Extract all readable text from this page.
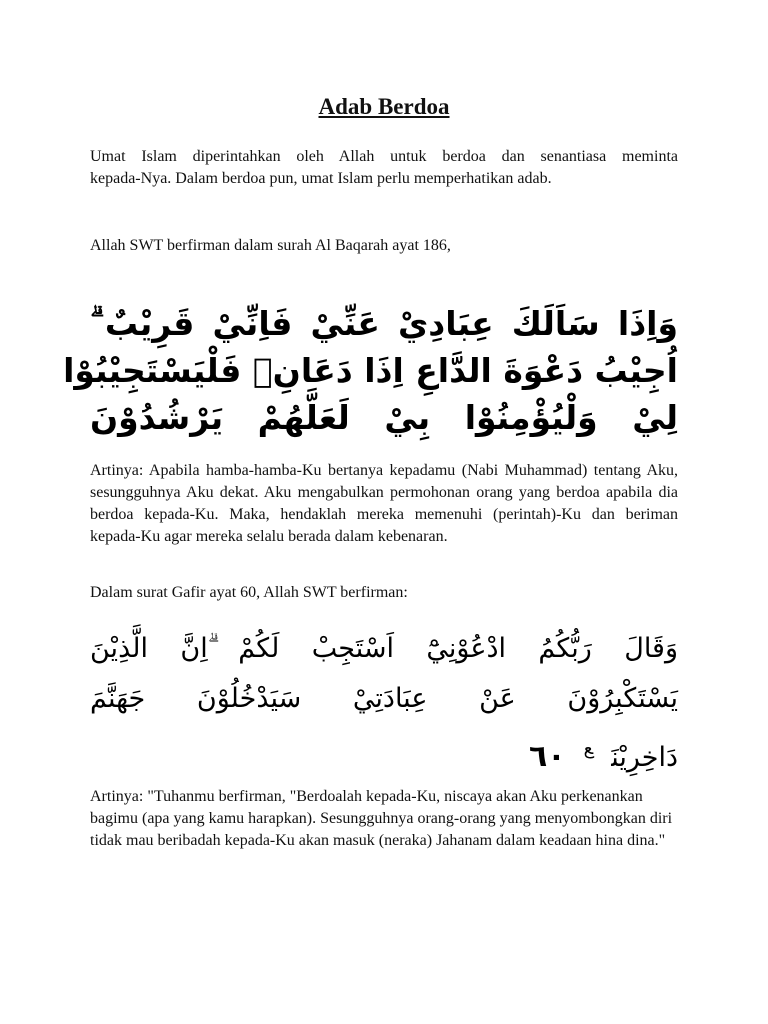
Adab Berdoa

Umat Islam diperintahkan oleh Allah untuk berdoa dan senantiasa meminta
kepada-Nya. Dalam berdoa pun, umat Islam perlu memperhatikan adab.

Allah SWT berfirman dalam surah Al Baqarah ayat 186,

وَاِذَا سَاَلَكَ عِبَادِيْ عَنِّيْ فَاِنِّيْ قَرِيْبٌ ۗ
اُجِيْبُ دَعْوَةَ الدَّاعِ اِذَا دَعَانِۙ فَلْيَسْتَجِيْبُوْا
لِيْ وَلْيُؤْمِنُوْا بِيْ لَعَلَّهُمْ يَرْشُدُوْنَ

Artinya: Apabila hamba-hamba-Ku bertanya kepadamu (Nabi Muhammad) tentang Aku, sesungguhnya Aku dekat. Aku mengabulkan permohonan orang yang berdoa apabila dia berdoa kepada-Ku. Maka, hendaklah mereka memenuhi (perintah)-Ku dan beriman kepada-Ku agar mereka selalu berada dalam kebenaran.

Dalam surat Gafir ayat 60, Allah SWT berfirman:

وَقَالَ رَبُّكُمُ ادْعُوْنِيْٓ اَسْتَجِبْ لَكُمْ ۗاِنَّ الَّذِيْنَ
يَسْتَكْبِرُوْنَ عَنْ عِبَادَتِيْ سَيَدْخُلُوْنَ جَهَنَّمَ
دَاخِرِيْنَ$^ع$٦٠

Artinya: "Tuhanmu berfirman, "Berdoalah kepada-Ku, niscaya akan Aku perkenankan bagimu (apa yang kamu harapkan). Sesungguhnya orang-orang yang menyombongkan diri tidak mau beribadah kepada-Ku akan masuk (neraka) Jahanam dalam keadaan hina dina."
